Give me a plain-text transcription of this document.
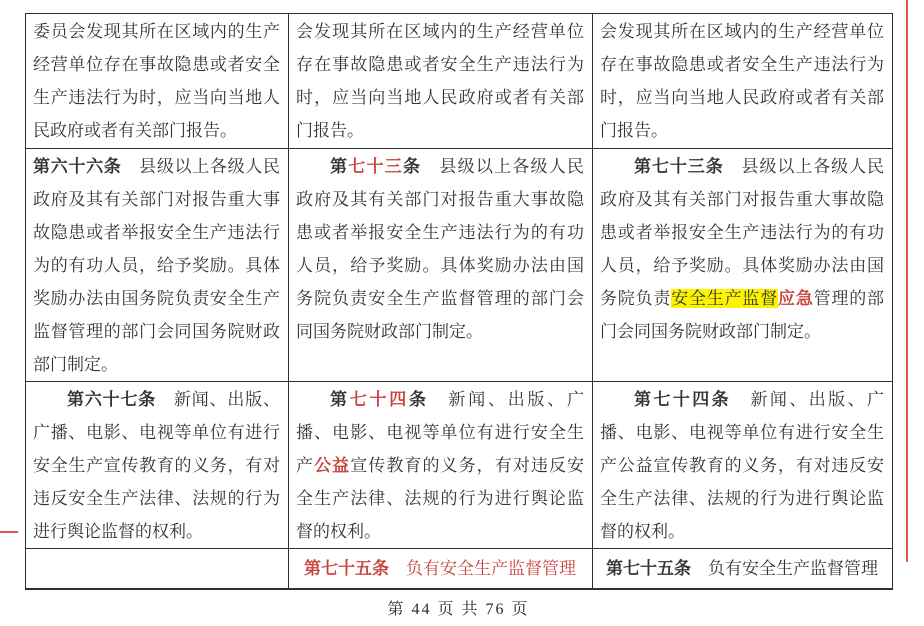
委员会发现其所在区域内的生产经营单位存在事故隐患或者安全生产违法行为时，应当向当地人民政府或者有关部门报告。	会发现其所在区域内的生产经营单位存在事故隐患或者安全生产违法行为时，应当向当地人民政府或者有关部门报告。	会发现其所在区域内的生产经营单位存在事故隐患或者安全生产违法行为时，应当向当地人民政府或者有关部门报告。
第六十六条　县级以上各级人民政府及其有关部门对报告重大事故隐患或者举报安全生产违法行为的有功人员，给予奖励。具体奖励办法由国务院负责安全生产监督管理的部门会同国务院财政部门制定。	第七十三条　县级以上各级人民政府及其有关部门对报告重大事故隐患或者举报安全生产违法行为的有功人员，给予奖励。具体奖励办法由国务院负责安全生产监督管理的部门会同国务院财政部门制定。	第七十三条　县级以上各级人民政府及其有关部门对报告重大事故隐患或者举报安全生产违法行为的有功人员，给予奖励。具体奖励办法由国务院负责安全生产监督应急管理的部门会同国务院财政部门制定。
第六十七条　新闻、出版、广播、电影、电视等单位有进行安全生产宣传教育的义务，有对违反安全生产法律、法规的行为进行舆论监督的权利。	第七十四条　新闻、出版、广播、电影、电视等单位有进行安全生产公益宣传教育的义务，有对违反安全生产法律、法规的行为进行舆论监督的权利。	第七十四条　新闻、出版、广播、电影、电视等单位有进行安全生产公益宣传教育的义务，有对违反安全生产法律、法规的行为进行舆论监督的权利。
	第七十五条　负有安全生产监督管理	第七十五条　负有安全生产监督管理
第 44 页 共 76 页
